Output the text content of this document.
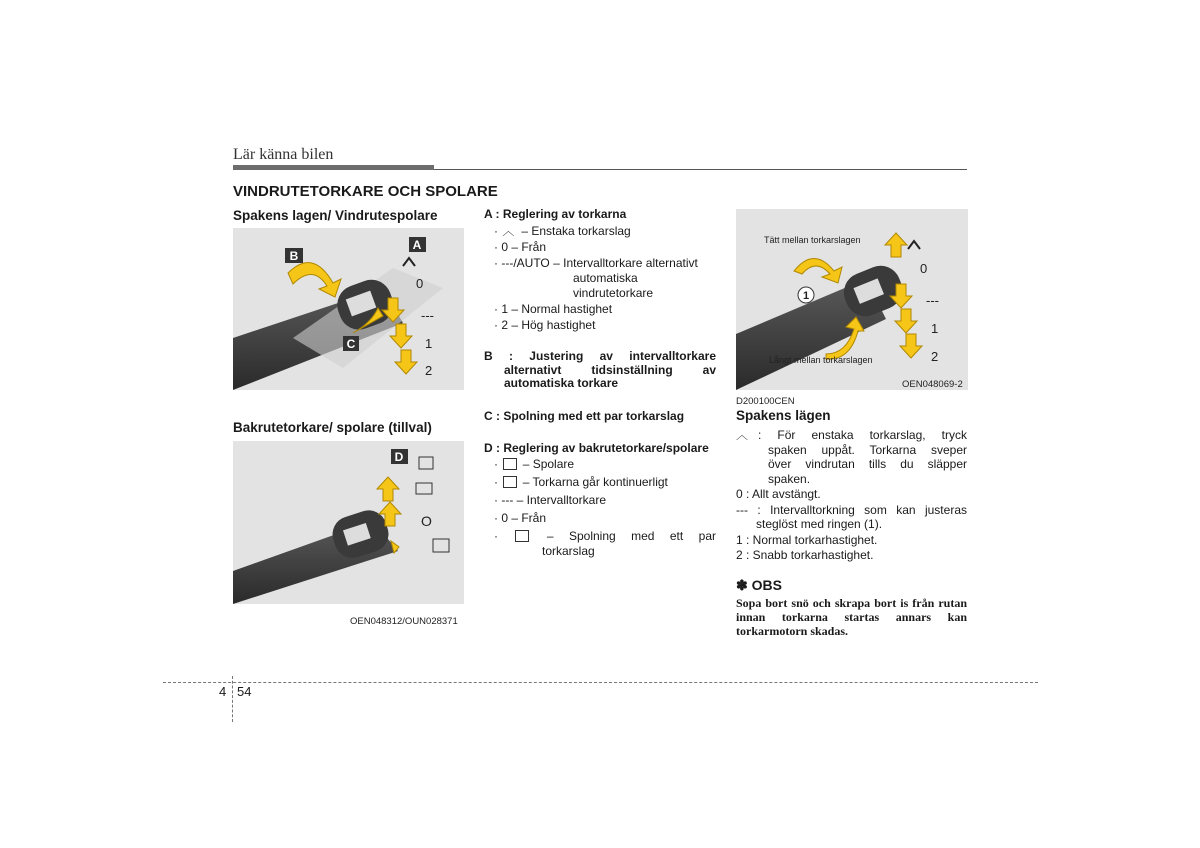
Lär känna bilen
VINDRUTETORKARE OCH SPOLARE
Spakens lagen/ Vindrutespolare
B
A
C
0
---
1
2
Bakrutetorkare/ spolare (tillval)
D
O
OEN048312/OUN028371
A : Reglering av torkarna
· ︿ – Enstaka torkarslag
· 0 – Från
· ---/AUTO – Intervalltorkare alternativt
automatiska
vindrutetorkare
· 1 – Normal hastighet
· 2 – Hög hastighet
B : Justering av intervalltorkare
alternativt tidsinställning av
automatiska torkare
C : Spolning med ett par torkarslag
D : Reglering av bakrutetorkare/spolare
·  – Spolare
·  – Torkarna går kontinuerligt
· --- – Intervalltorkare
· 0 – Från
·	– Spolning med ett par
torkarslag
1
0
---
1
2
Tätt mellan torkarslagen
Långt mellan torkarslagen
OEN048069-2
D200100CEN
Spakens lägen
︿ : För enstaka torkarslag, tryck
spaken uppåt. Torkarna sveper
över vindrutan tills du släpper
spaken.
0 : Allt avstängt.
--- : Intervalltorkning som kan justeras
steglöst med ringen (1).
1 : Normal torkarhastighet.
2 : Snabb torkarhastighet.
✽ OBS
Sopa bort snö och skrapa bort is från rutan innan torkarna startas annars kan torkarmotorn skadas.
4 54
